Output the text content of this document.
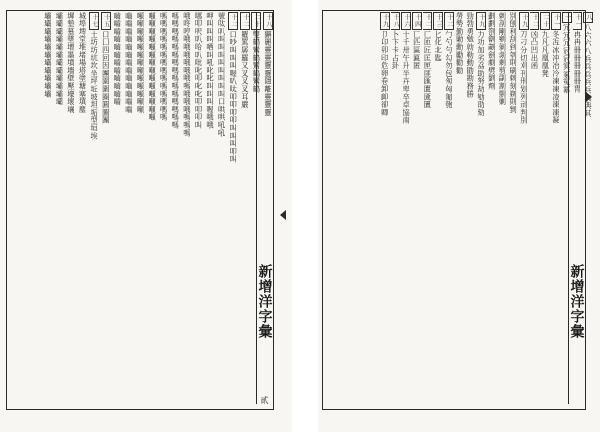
十八獬麗靈靈靈靈隱離靈靈靈
二十雙鶴鸞鶴鸞鶴鸞鶴
十二羅罵孱羅又叉叉叉耳嚴
十二口吵叫叫叫喔叭呔叩叩叩叩叫叫叫叩叫
號呔叭叫叫叫叫叫叫叫叫口哄哄吼吼
呷叫叫叫哂叫吼叱叱叫叫叫喔哦哦
哪叩呎叭哈叭吡叱叩叱叱叩叩叩叫
哦咚哼哦哦哦哦哦哦嗎哦哦哦嗎嗎嗎
嗎嗎嗎嗎嗎嗎嗎嗎嗎嗎嗎嗎嗎嗎嗎
嗎嗎嗎嗎嗎嗎嗎嗎嗎嗎嗎嗎嗎嗎
噸噸噸噸噸噸噸噸噸噸噸噸噸噸
噸噸噸噸噸噸噸噸噸噸噸噸噸
嚙嚙嚙嚙嚙嚙嚙嚙嚙嚙嚙嚙嚙
嚙嚙嚙嚙嚙嚙嚙嚙嚙嚙嚙嚙
十五口囗四回因團園圍圈圓圖團
十七土坊坊坑坎坐坪坵坡坦垢型垣埃
城埠埤堂堆堵場塔塗塘塞填塵
墀墊墓墜增墨墳墻壁壓壕壞壤
壩壩壩壩壩壩壩壩壩壩壩壩
壩壩壩壩壩壩壩壩壩壩壩
新增洋字彙
貳
八八六六八兵兵兵兵兵典典其
十一冉冉冊冊冊冊冊冑
一冗冗冗冠冠冥冢冤冪
十一冬冱冰冲冶冷凍凍凌凍凍凝
二十九凡凡凰凰凳
十二凶凸凹出函
十九刀刁分切刈刊刑划列刓判別
別刨利刮到刳刵刷刺刻剃則剉
剌剖剛剜剝剡剩剪副割剽剿
劃劃劄劊劌劍劇劈劉劑
十九力功加劣劦助努劫劬劭劾
勁勃勇勉勍勒動勖勘務勝
勞勢勤勦勳勵勸勸
十二勹勺勻勾勿包匆匈匍匏
十三匕化北匙
十二匚匝匠匡匣匪匯匱匳匵
十四匸匹區匾匿
十六十千卅午升半卉卑卒卓協南
十八卜卞卡占卦
十九卩卬卯印危卵卷卸卹卻卿
新增洋字彙
